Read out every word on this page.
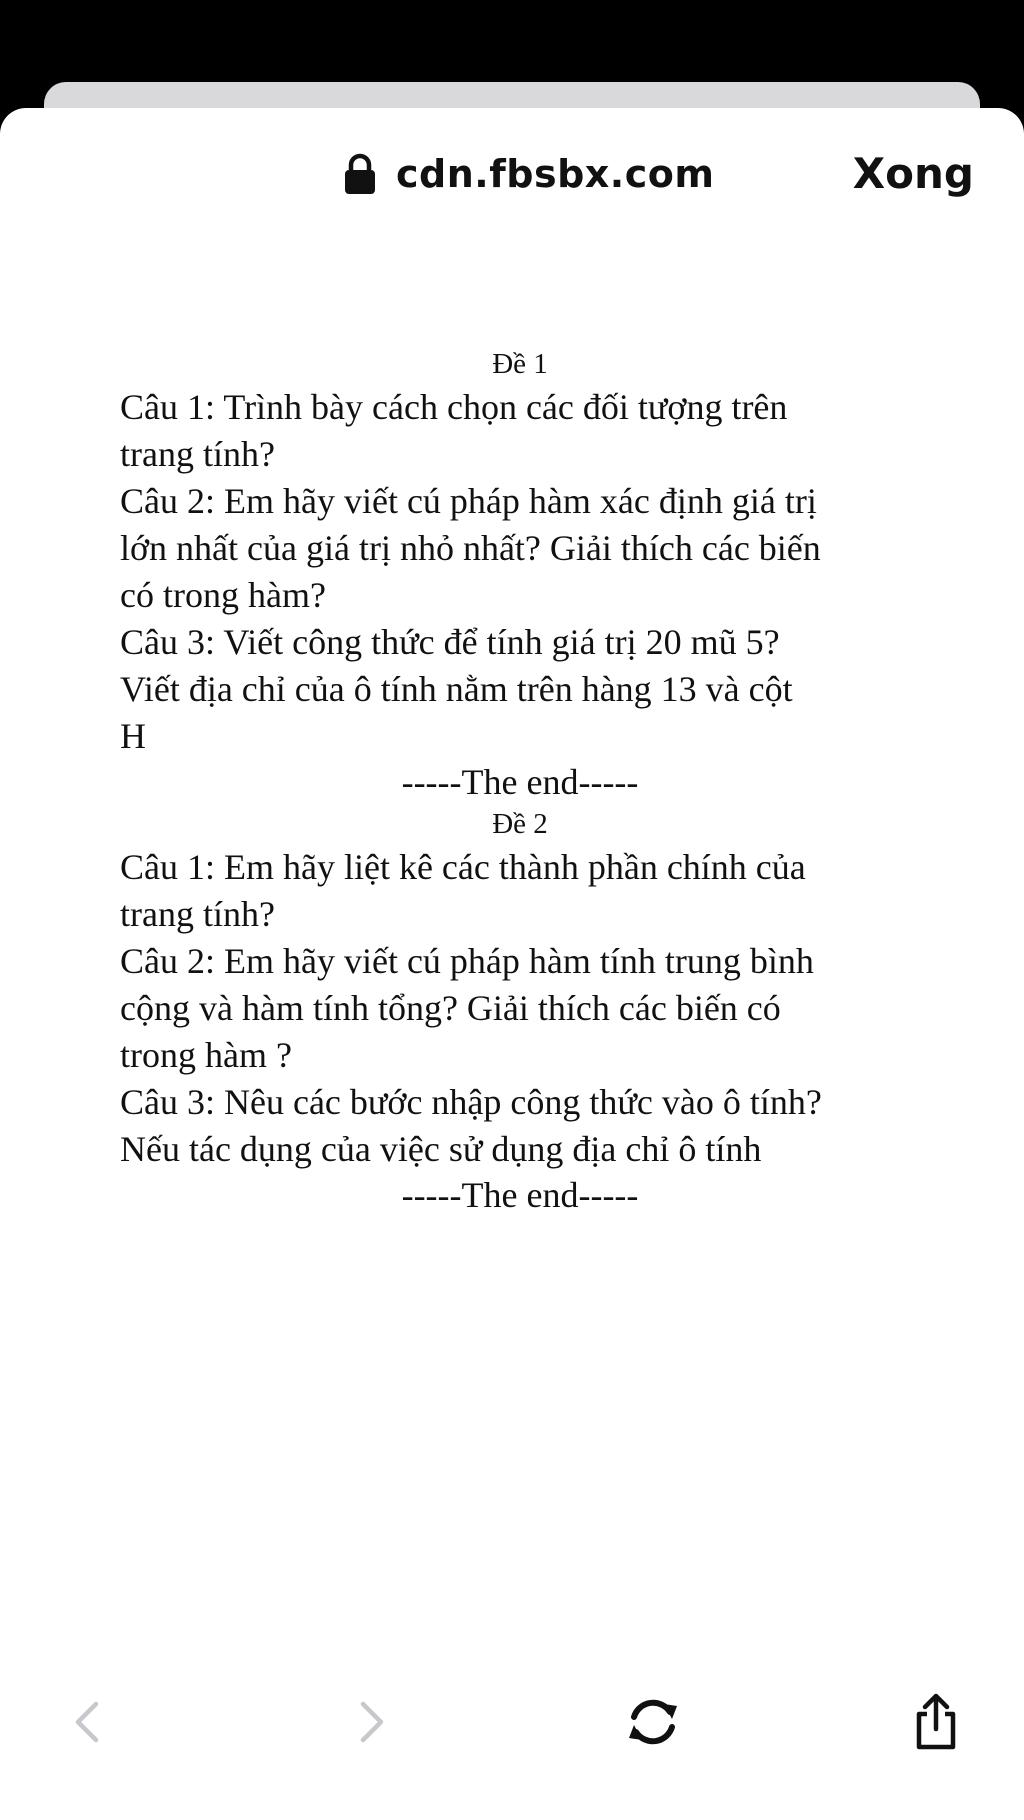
cdn.fbsbx.com	Xong
Đề 1
Câu 1: Trình bày cách chọn các đối tượng trên
trang tính?
Câu 2: Em hãy viết cú pháp hàm xác định giá trị
lớn nhất của giá trị nhỏ nhất? Giải thích các biến
có trong hàm?
Câu 3: Viết công thức để tính giá trị 20 mũ 5?
Viết địa chỉ của ô tính nằm trên hàng 13 và cột
H
-----The end-----
Đề 2
Câu 1: Em hãy liệt kê các thành phần chính của
trang tính?
Câu 2: Em hãy viết cú pháp hàm tính trung bình
cộng và hàm tính tổng? Giải thích các biến có
trong hàm ?
Câu 3: Nêu các bước nhập công thức vào ô tính?
Nếu tác dụng của việc sử dụng địa chỉ ô tính
-----The end-----
